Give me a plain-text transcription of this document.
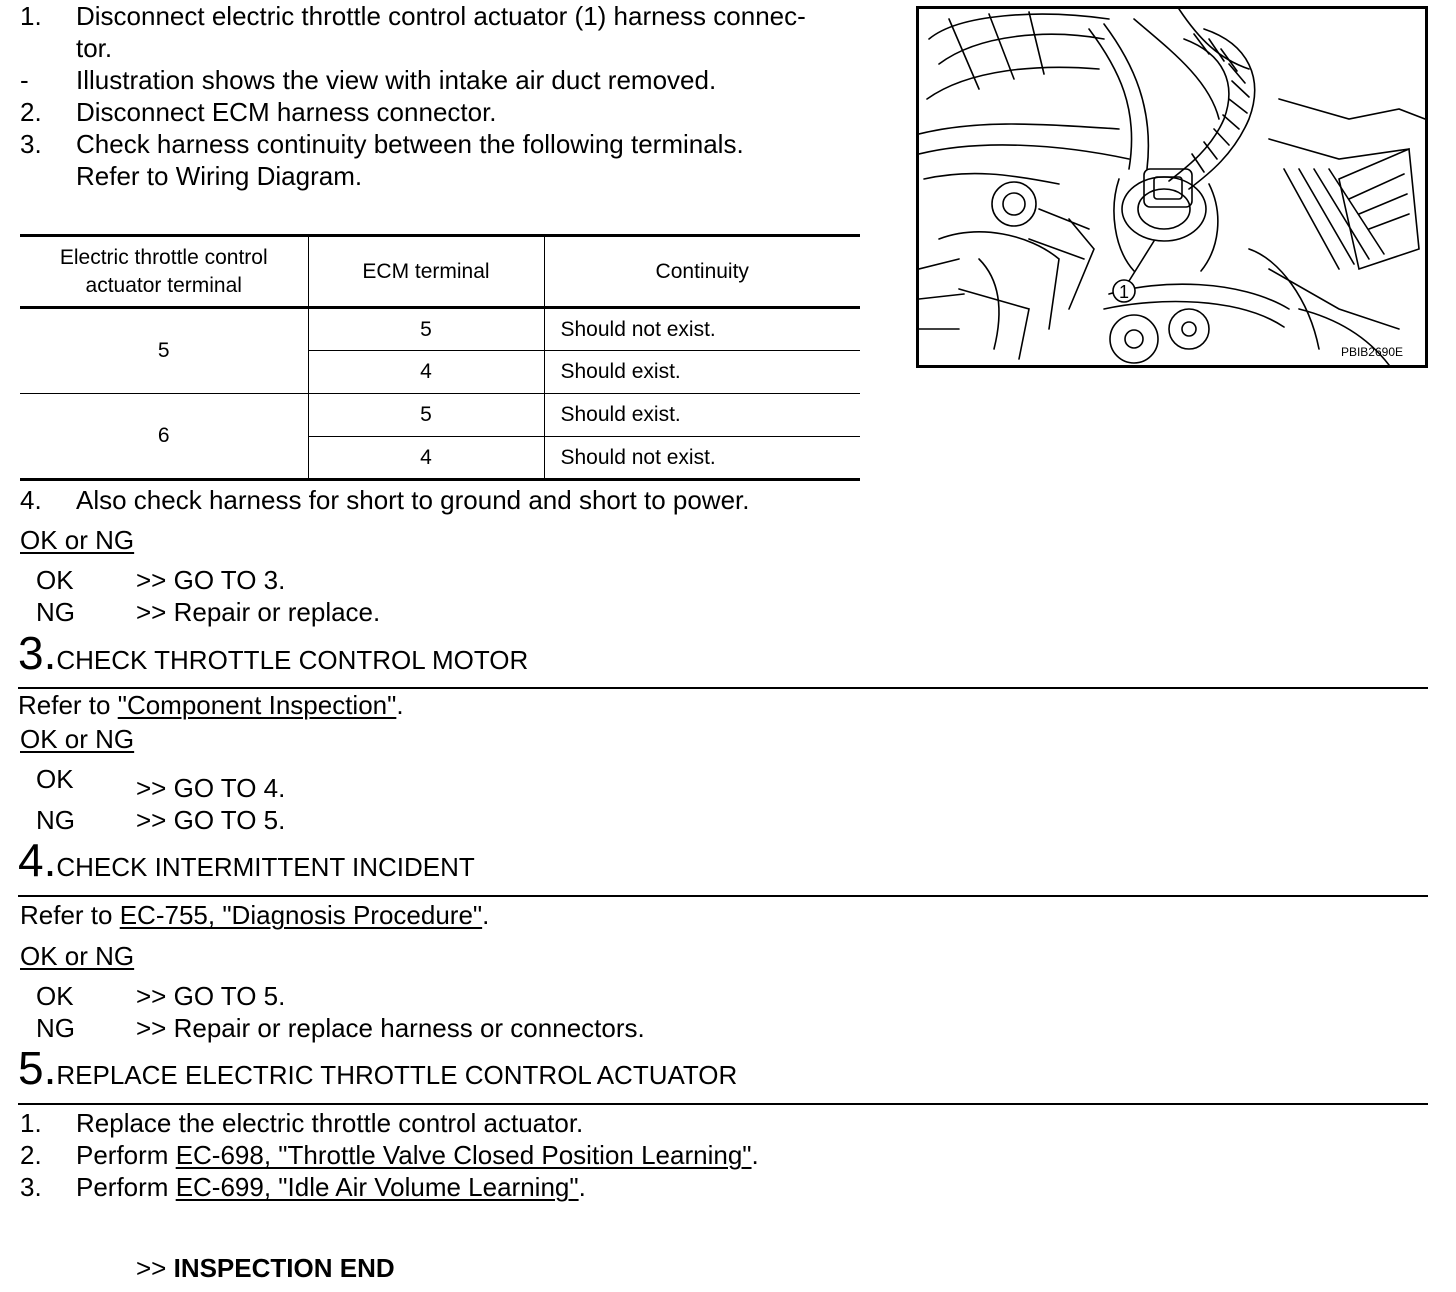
1.	Disconnect electric throttle control actuator (1) harness connec-
tor.
-	Illustration shows the view with intake air duct removed.
2.	Disconnect ECM harness connector.
3.	Check harness continuity between the following terminals.
Refer to Wiring Diagram.
1
PBIB2690E
Electric throttle control
actuator terminal	ECM terminal	Continuity
5	5	Should not exist.
	4	Should exist.
6	5	Should exist.
	4	Should not exist.
4.	Also check harness for short to ground and short to power.
OK or NG
OK >> GO TO 3.
NG >> Repair or replace.
3.CHECK THROTTLE CONTROL MOTOR
Refer to "Component Inspection".
OK or NG
OK >> GO TO 4.
NG >> GO TO 5.
4.CHECK INTERMITTENT INCIDENT
Refer to EC-755, "Diagnosis Procedure".
OK or NG
OK >> GO TO 5.
NG >> Repair or replace harness or connectors.
5.REPLACE ELECTRIC THROTTLE CONTROL ACTUATOR
1.	Replace the electric throttle control actuator.
2.	Perform EC-698, "Throttle Valve Closed Position Learning".
3.	Perform EC-699, "Idle Air Volume Learning".
>> INSPECTION END
